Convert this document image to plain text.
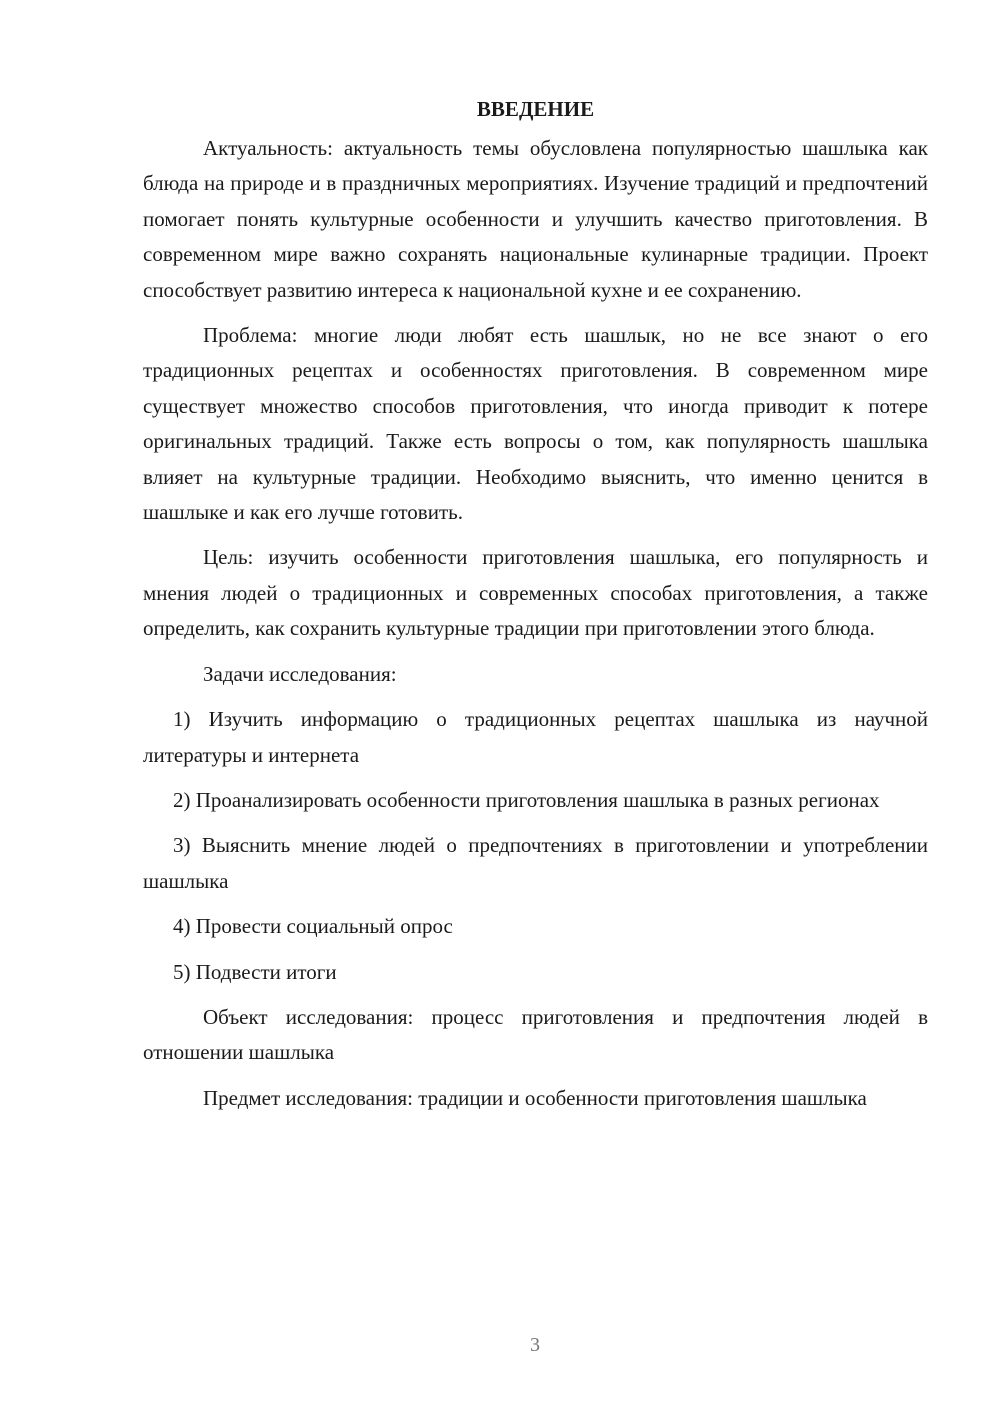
ВВЕДЕНИЕ

Актуальность: актуальность темы обусловлена популярностью шашлыка как блюда на природе и в праздничных мероприятиях. Изучение традиций и предпочтений помогает понять культурные особенности и улучшить качество приготовления. В современном мире важно сохранять национальные кулинарные традиции. Проект способствует развитию интереса к национальной кухне и ее сохранению.

Проблема: многие люди любят есть шашлык, но не все знают о его традиционных рецептах и особенностях приготовления. В современном мире существует множество способов приготовления, что иногда приводит к потере оригинальных традиций. Также есть вопросы о том, как популярность шашлыка влияет на культурные традиции. Необходимо выяснить, что именно ценится в шашлыке и как его лучше готовить.

Цель: изучить особенности приготовления шашлыка, его популярность и мнения людей о традиционных и современных способах приготовления, а также определить, как сохранить культурные традиции при приготовлении этого блюда.

Задачи исследования:

1) Изучить информацию о традиционных рецептах шашлыка из научной литературы и интернета

2) Проанализировать особенности приготовления шашлыка в разных регионах

3) Выяснить мнение людей о предпочтениях в приготовлении и употреблении шашлыка

4) Провести социальный опрос

5) Подвести итоги

Объект исследования: процесс приготовления и предпочтения людей в отношении шашлыка

Предмет исследования: традиции и особенности приготовления шашлыка

3
